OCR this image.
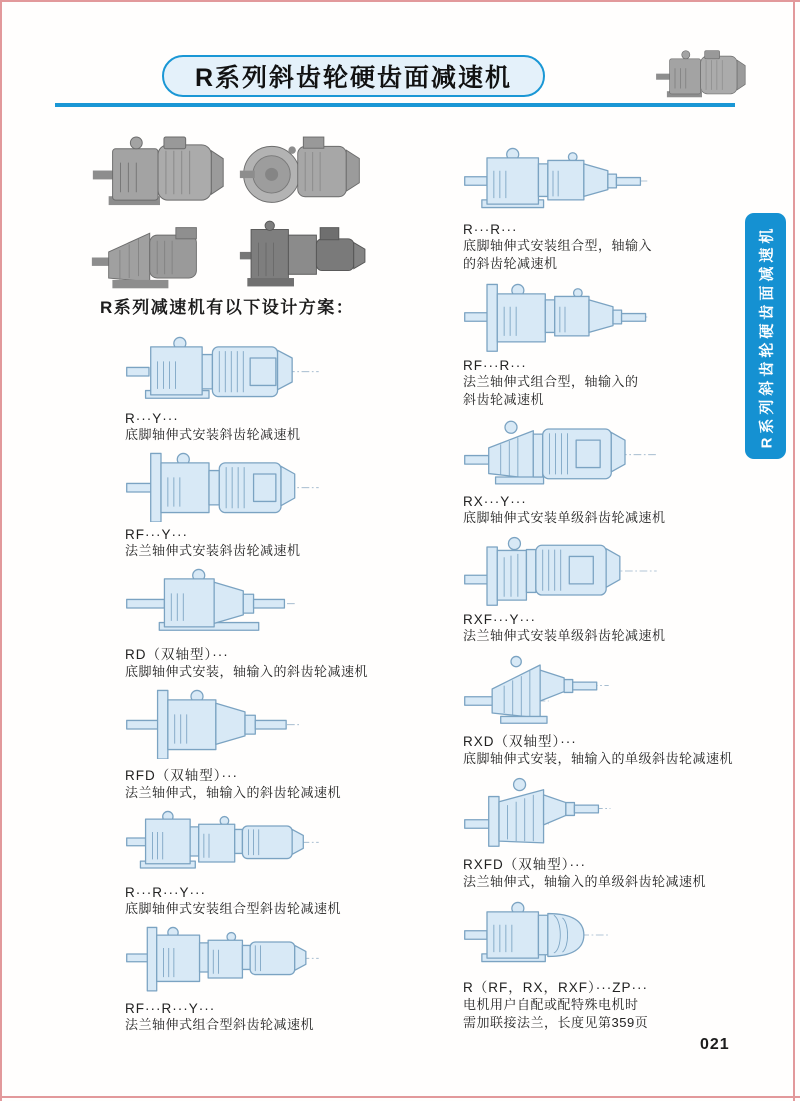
R系列斜齿轮硬齿面减速机
R系列斜齿轮硬齿面减速机
R系列减速机有以下设计方案：
R···Y···
底脚轴伸式安装斜齿轮减速机
RF···Y···
法兰轴伸式安装斜齿轮减速机
RD（双轴型）···
底脚轴伸式安装，轴输入的斜齿轮减速机
RFD（双轴型）···
法兰轴伸式，轴输入的斜齿轮减速机
R···R···Y···
底脚轴伸式安装组合型斜齿轮减速机
RF···R···Y···
法兰轴伸式组合型斜齿轮减速机
R···R···
底脚轴伸式安装组合型，轴输入
的斜齿轮减速机
RF···R···
法兰轴伸式组合型，轴输入的
斜齿轮减速机
RX···Y···
底脚轴伸式安装单级斜齿轮减速机
RXF···Y···
法兰轴伸式安装单级斜齿轮减速机
RXD（双轴型）···
底脚轴伸式安装，轴输入的单级斜齿轮减速机
RXFD（双轴型）···
法兰轴伸式，轴输入的单级斜齿轮减速机
R（RF，RX，RXF）···ZP···
电机用户自配或配特殊电机时
需加联接法兰，长度见第359页
021
